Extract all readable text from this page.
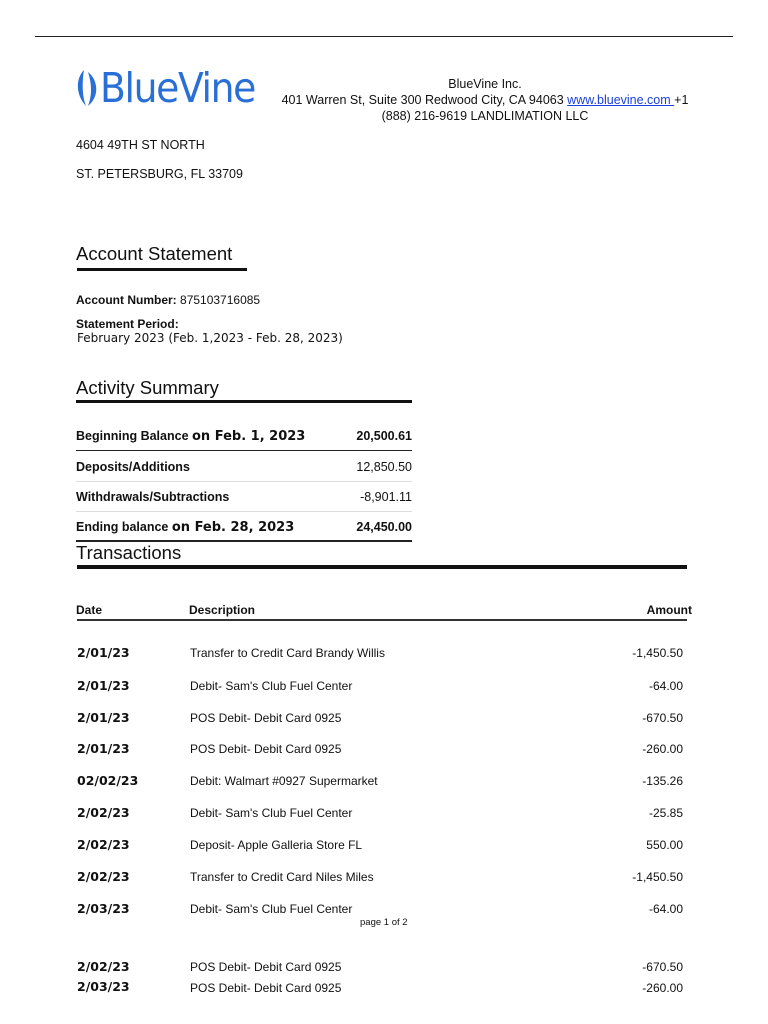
BlueVine	BlueVine Inc.
401 Warren St, Suite 300 Redwood City, CA 94063 www.bluevine.com +1
(888) 216-9619 LANDLIMATION LLC
4604 49TH ST NORTH
ST. PETERSBURG, FL 33709
Account Statement
Account Number: 875103716085
Statement Period:
February 2023 (Feb. 1,2023 - Feb. 28, 2023)
Activity Summary
Beginning Balance on Feb. 1, 2023	20,500.61
Deposits/Additions	12,850.50
Withdrawals/Subtractions	-8,901.11
Ending balance on Feb. 28, 2023	24,450.00
Transactions
Date	Description	Amount
2/01/23	Transfer to Credit Card Brandy Willis	-1,450.50
2/01/23	Debit- Sam's Club Fuel Center	-64.00
2/01/23	POS Debit- Debit Card 0925	-670.50
2/01/23	POS Debit- Debit Card 0925	-260.00
02/02/23	Debit: Walmart #0927 Supermarket	-135.26
2/02/23	Debit- Sam's Club Fuel Center	-25.85
2/02/23	Deposit- Apple Galleria Store FL	550.00
2/02/23	Transfer to Credit Card Niles Miles	-1,450.50
2/03/23	Debit- Sam's Club Fuel Center	-64.00
2/02/23	POS Debit- Debit Card 0925	-670.50
2/03/23	POS Debit- Debit Card 0925	-260.00
page 1 of 2
